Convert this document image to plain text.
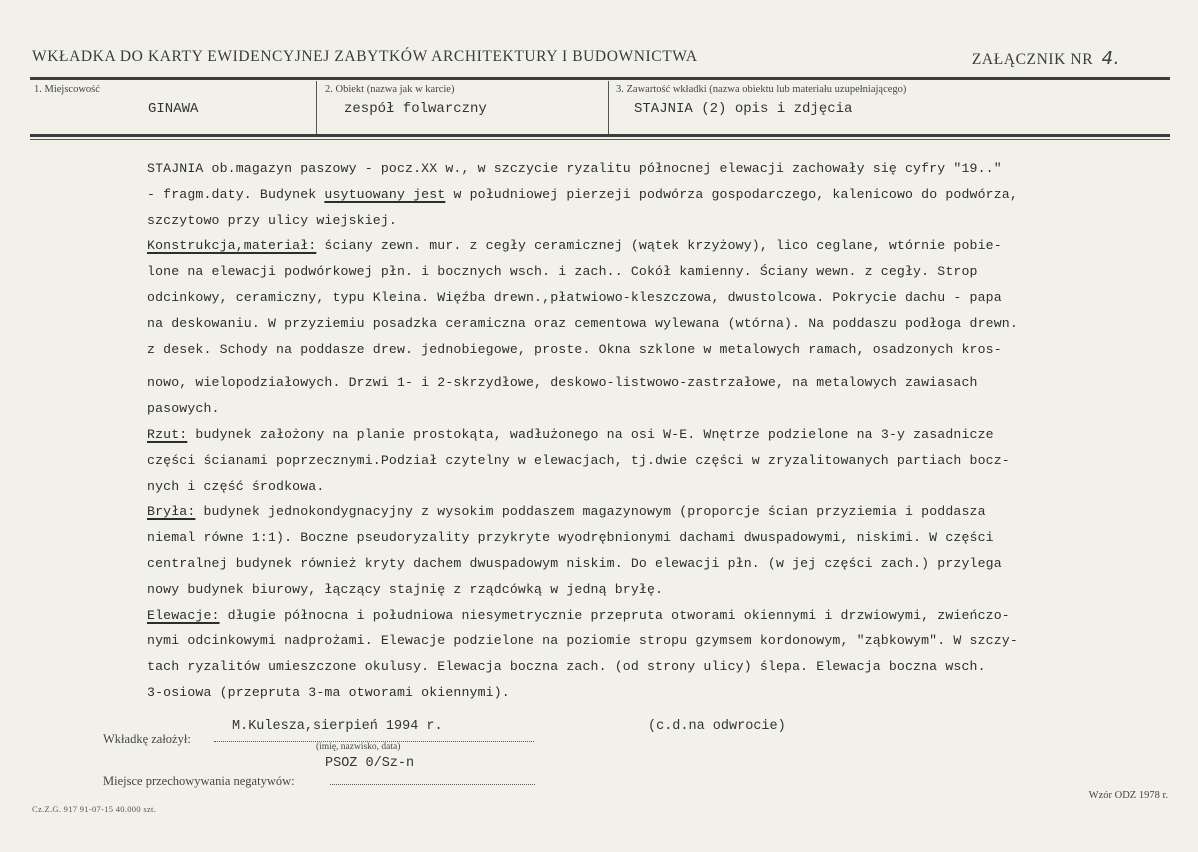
WKŁADKA DO KARTY EWIDENCYJNEJ ZABYTKÓW ARCHITEKTURY I BUDOWNICTWA	ZAŁĄCZNIK NR 4.
1. Miejscowość
GINAWA
2. Obiekt (nazwa jak w karcie)
zespół folwarczny
3. Zawartość wkładki (nazwa obiektu lub materiału uzupełniającego)
STAJNIA (2) opis i zdjęcia

STAJNIA ob.magazyn paszowy - pocz.XX w., w szczycie ryzalitu północnej elewacji zachowały się cyfry "19.."

- fragm.daty. Budynek usytuowany jest w południowej pierzeji podwórza gospodarczego, kalenicowo do podwórza,

szczytowo przy ulicy wiejskiej.

Konstrukcja,materiał: ściany zewn. mur. z cegły ceramicznej (wątek krzyżowy), lico ceglane, wtórnie pobie-

lone na elewacji podwórkowej płn. i bocznych wsch. i zach.. Cokół kamienny. Ściany wewn. z cegły. Strop

odcinkowy, ceramiczny, typu Kleina. Więźba drewn.,płatwiowo-kleszczowa, dwustolcowa. Pokrycie dachu - papa

na deskowaniu. W przyziemiu posadzka ceramiczna oraz cementowa wylewana (wtórna). Na poddaszu podłoga drewn.

z desek. Schody na poddasze drew. jednobiegowe, proste. Okna szklone w metalowych ramach, osadzonych kros-

nowo, wielopodziałowych. Drzwi 1- i 2-skrzydłowe, deskowo-listwowo-zastrzałowe, na metalowych zawiasach

pasowych.

Rzut: budynek założony na planie prostokąta, wadłużonego na osi W-E. Wnętrze podzielone na 3-y zasadnicze

części ścianami poprzecznymi.Podział czytelny w elewacjach, tj.dwie części w zryzalitowanych partiach bocz-

nych i część środkowa.

Bryła: budynek jednokondygnacyjny z wysokim poddaszem magazynowym (proporcje ścian przyziemia i poddasza

niemal równe 1:1). Boczne pseudoryzality przykryte wyodrębnionymi dachami dwuspadowymi, niskimi. W części

centralnej budynek również kryty dachem dwuspadowym niskim. Do elewacji płn. (w jej części zach.) przylega

nowy budynek biurowy, łączący stajnię z rządcówką w jedną bryłę.

Elewacje: długie północna i południowa niesymetrycznie przepruta otworami okiennymi i drzwiowymi, zwieńczo-

nymi odcinkowymi nadprożami. Elewacje podzielone na poziomie stropu gzymsem kordonowym, "ząbkowym". W szczy-

tach ryzalitów umieszczone okulusy. Elewacja boczna zach. (od strony ulicy) ślepa. Elewacja boczna wsch.

3-osiowa (przepruta 3-ma otworami okiennymi).

Wkładkę założył:
M.Kulesza,sierpień 1994 r.
(imię, nazwisko, data)
(c.d.na odwrocie)
PSOZ 0/Sz-n
Miejsce przechowywania negatywów:
Cz.Z.G. 917 91-07-15 40.000 szt.
Wzór ODZ 1978 r.
